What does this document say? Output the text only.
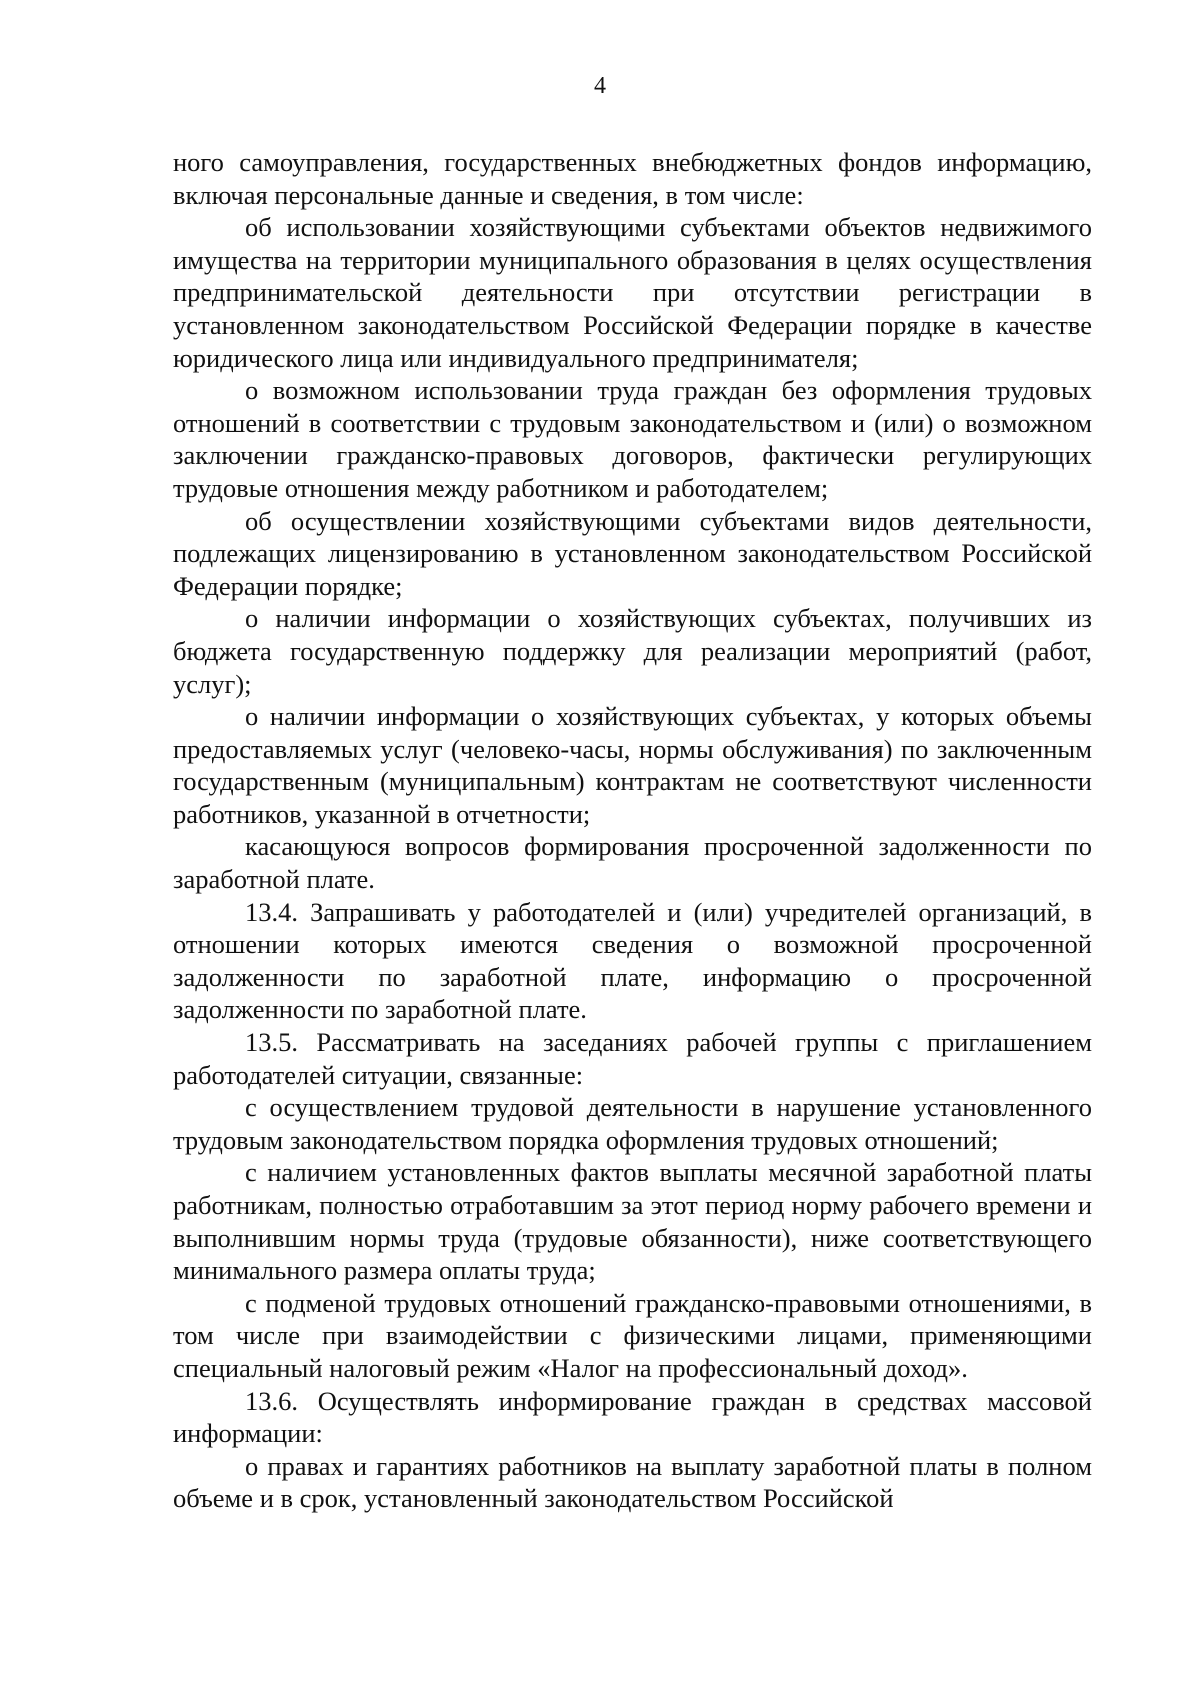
4

ного самоуправления, государственных внебюджетных фондов информацию, включая персональные данные и сведения, в том числе:

об использовании хозяйствующими субъектами объектов недвижимого имущества на территории муниципального образования в целях осуществления предпринимательской деятельности при отсутствии регистрации в установленном законодательством Российской Федерации порядке в качестве юридического лица или индивидуального предпринимателя;

о возможном использовании труда граждан без оформления трудовых отношений в соответствии с трудовым законодательством и (или) о возможном заключении гражданско-правовых договоров, фактически регулирующих трудовые отношения между работником и работодателем;

об осуществлении хозяйствующими субъектами видов деятельности, подлежащих лицензированию в установленном законодательством Российской Федерации порядке;

о наличии информации о хозяйствующих субъектах, получивших из бюджета государственную поддержку для реализации мероприятий (работ, услуг);

о наличии информации о хозяйствующих субъектах, у которых объемы предоставляемых услуг (человеко-часы, нормы обслуживания) по заключенным государственным (муниципальным) контрактам не соответствуют численности работников, указанной в отчетности;

касающуюся вопросов формирования просроченной задолженности по заработной плате.

13.4. Запрашивать у работодателей и (или) учредителей организаций, в отношении которых имеются сведения о возможной просроченной задолженности по заработной плате, информацию о просроченной задолженности по заработной плате.

13.5. Рассматривать на заседаниях рабочей группы с приглашением работодателей ситуации, связанные:

с осуществлением трудовой деятельности в нарушение установленного трудовым законодательством порядка оформления трудовых отношений;

с наличием установленных фактов выплаты месячной заработной платы работникам, полностью отработавшим за этот период норму рабочего времени и выполнившим нормы труда (трудовые обязанности), ниже соответствующего минимального размера оплаты труда;

с подменой трудовых отношений гражданско-правовыми отношениями, в том числе при взаимодействии с физическими лицами, применяющими специальный налоговый режим «Налог на профессиональный доход».

13.6. Осуществлять информирование граждан в средствах массовой информации:

о правах и гарантиях работников на выплату заработной платы в полном объеме и в срок, установленный законодательством Российской
